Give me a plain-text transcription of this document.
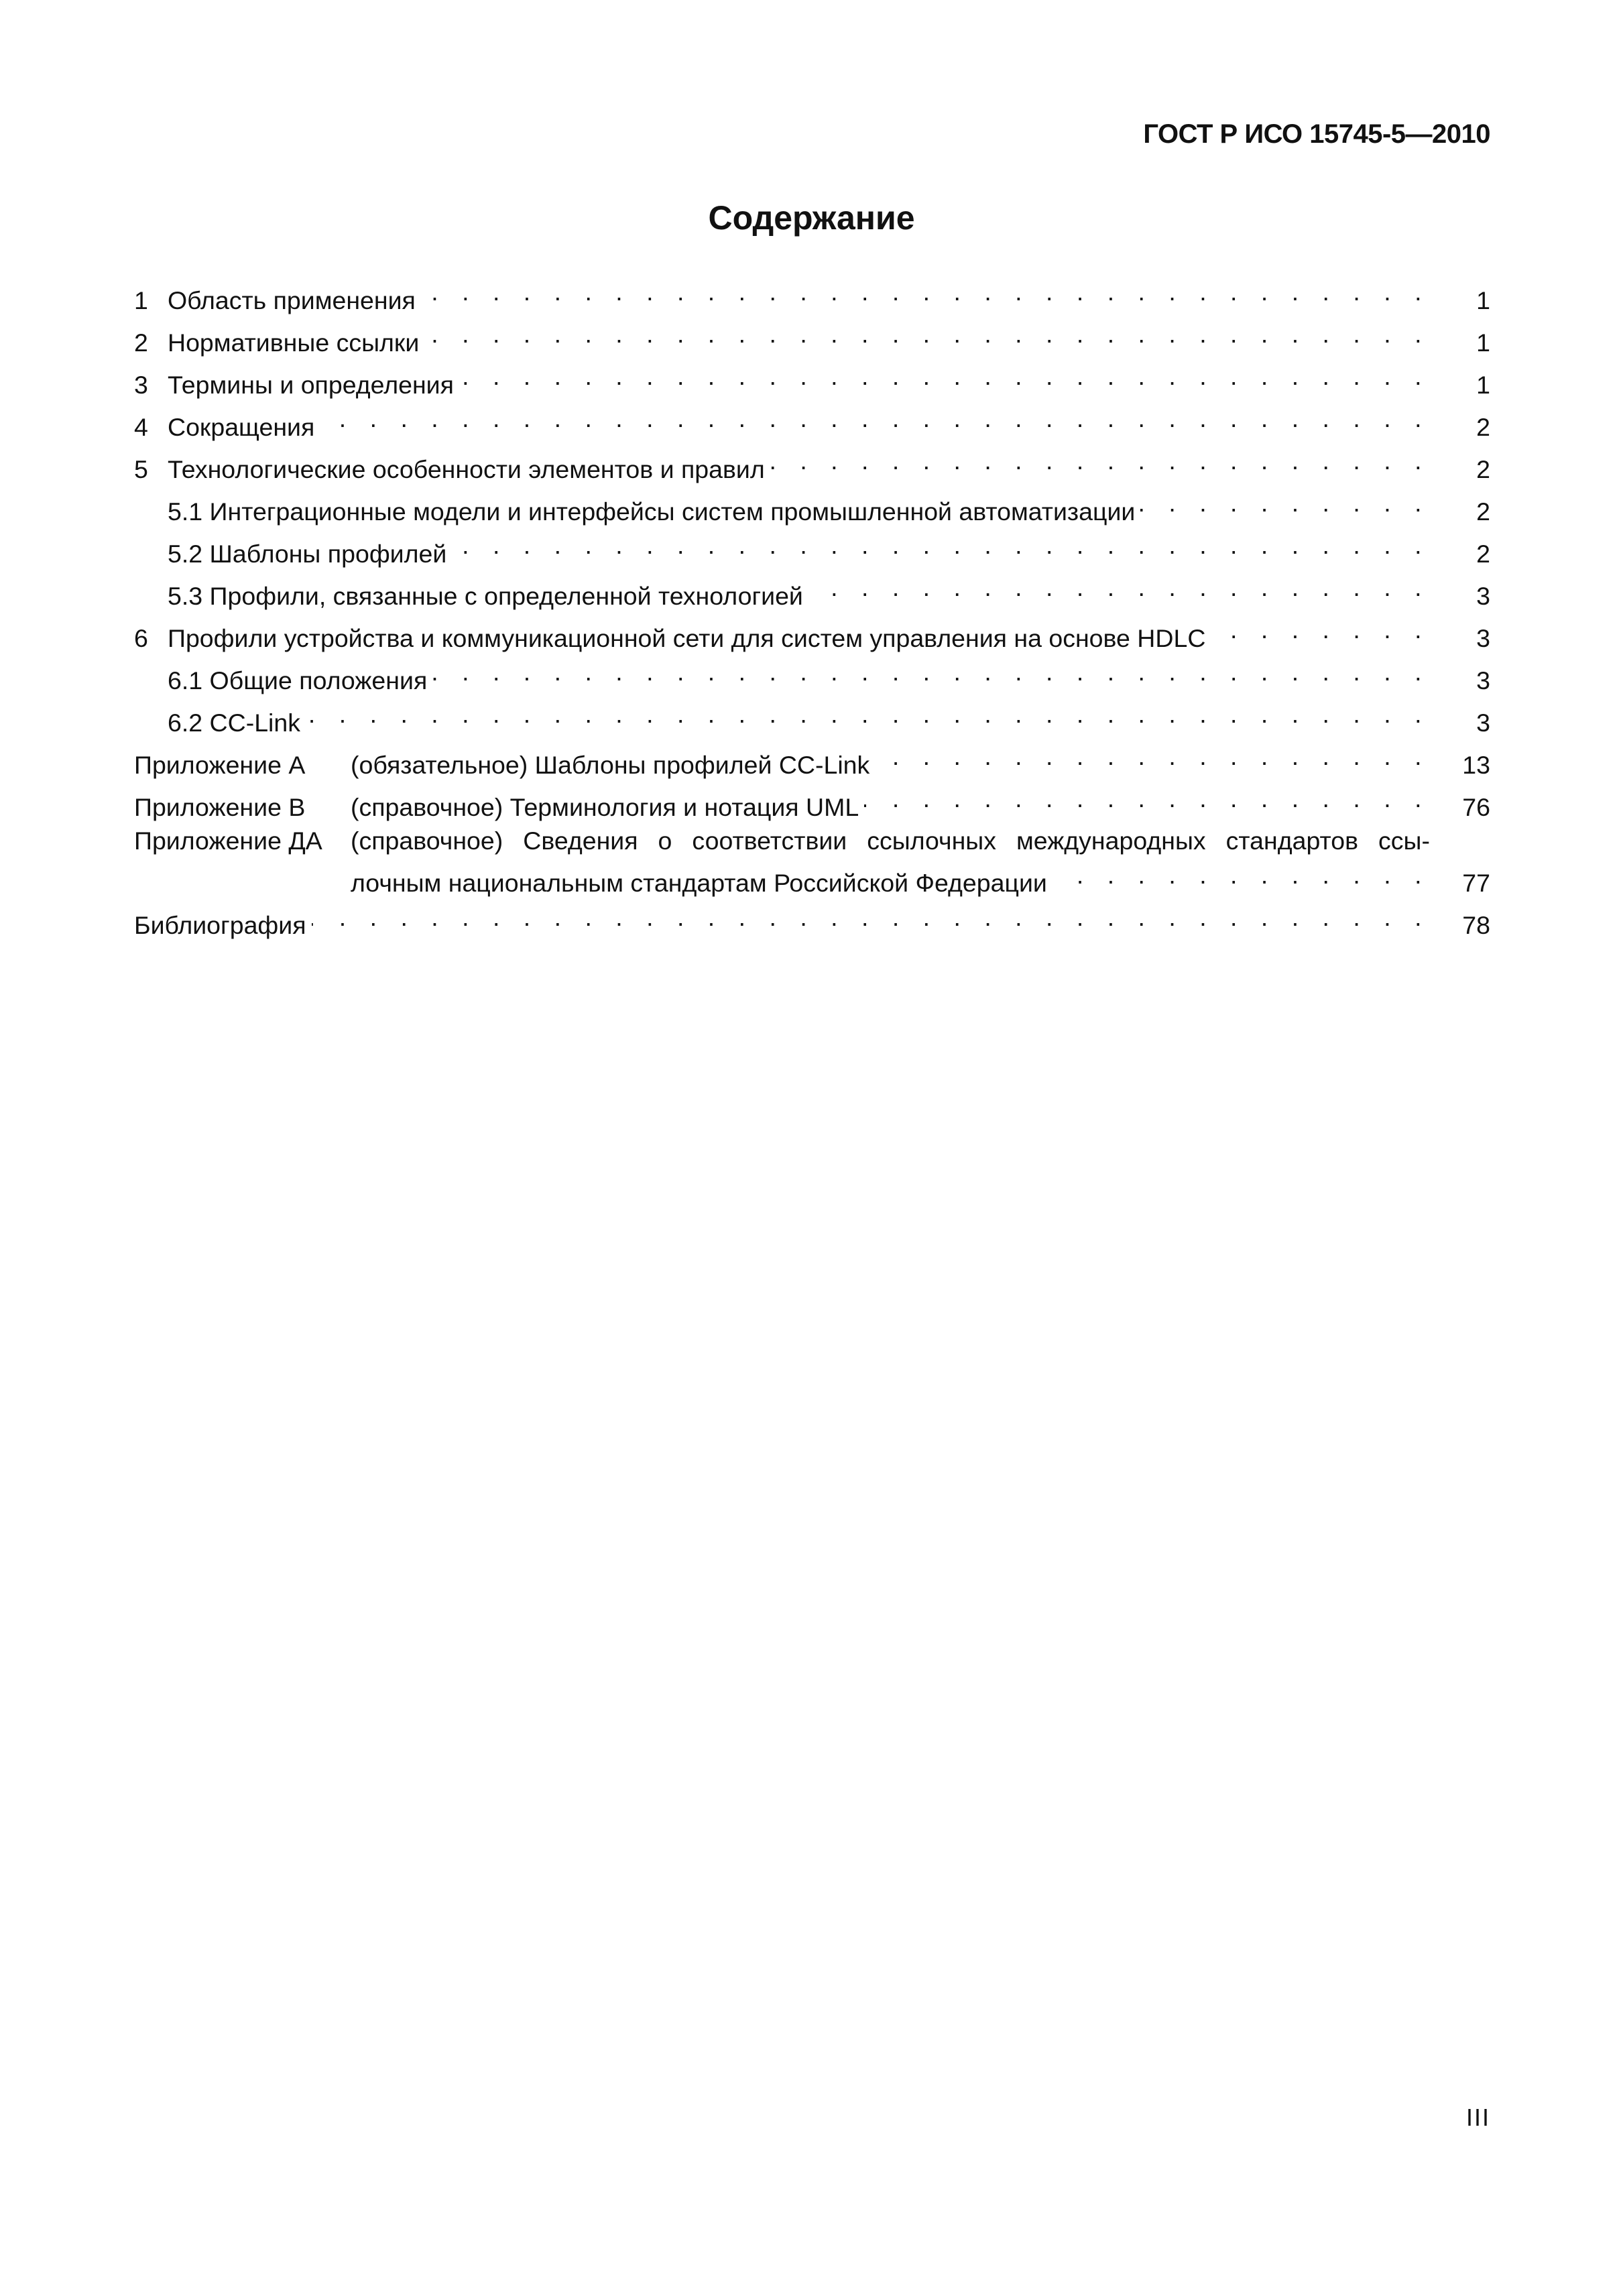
ГОСТ Р ИСО 15745-5—2010
Содержание
1 Область применения . . .	1
2 Нормативные ссылки . . .	1
3 Термины и определения . . .	1
4 Сокращения . . .	2
5 Технологические особенности элементов и правил . . .	2
5.1 Интеграционные модели и интерфейсы систем промышленной автоматизации . . .	2
5.2 Шаблоны профилей . . .	2
5.3 Профили, связанные с определенной технологией . . .	3
6 Профили устройства и коммуникационной сети для систем управления на основе HDLC . . .	3
6.1 Общие положения . . .	3
6.2 CC-Link . . .	3
Приложение A	(обязательное) Шаблоны профилей CC-Link . . .	13
Приложение B	(справочное) Терминология и нотация UML . . .	76
Приложение ДА	(справочное) Сведения о соответствии ссылочных международных стандартов ссы-
лочным национальным стандартам Российской Федерации . . .	77
Библиография . . .	78
III
